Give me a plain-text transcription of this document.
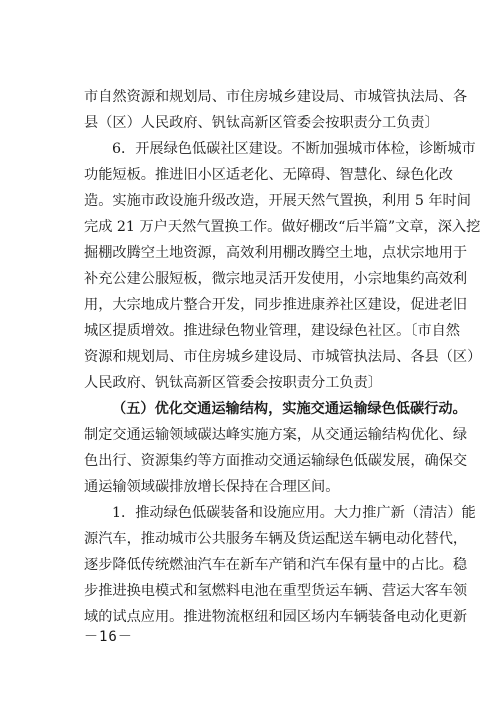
市自然资源和规划局、市住房城乡建设局、市城管执法局、各
县（区）人民政府、钒钛高新区管委会按职责分工负责〕
6．开展绿色低碳社区建设。不断加强城市体检，诊断城市
功能短板。推进旧小区适老化、无障碍、智慧化、绿色化改
造。实施市政设施升级改造，开展天然气置换，利用 5 年时间
完成 21 万户天然气置换工作。做好棚改“后半篇”文章，深入挖
掘棚改腾空土地资源，高效利用棚改腾空土地，点状宗地用于
补充公建公服短板，微宗地灵活开发使用，小宗地集约高效利
用，大宗地成片整合开发，同步推进康养社区建设，促进老旧
城区提质增效。推进绿色物业管理，建设绿色社区。〔市自然
资源和规划局、市住房城乡建设局、市城管执法局、各县（区）
人民政府、钒钛高新区管委会按职责分工负责〕
（五）优化交通运输结构，实施交通运输绿色低碳行动。
制定交通运输领域碳达峰实施方案，从交通运输结构优化、绿
色出行、资源集约等方面推动交通运输绿色低碳发展，确保交
通运输领域碳排放增长保持在合理区间。
1．推动绿色低碳装备和设施应用。大力推广新（清洁）能
源汽车，推动城市公共服务车辆及货运配送车辆电动化替代，
逐步降低传统燃油汽车在新车产销和汽车保有量中的占比。稳
步推进换电模式和氢燃料电池在重型货运车辆、营运大客车领
域的试点应用。推进物流枢纽和园区场内车辆装备电动化更新
－16－
